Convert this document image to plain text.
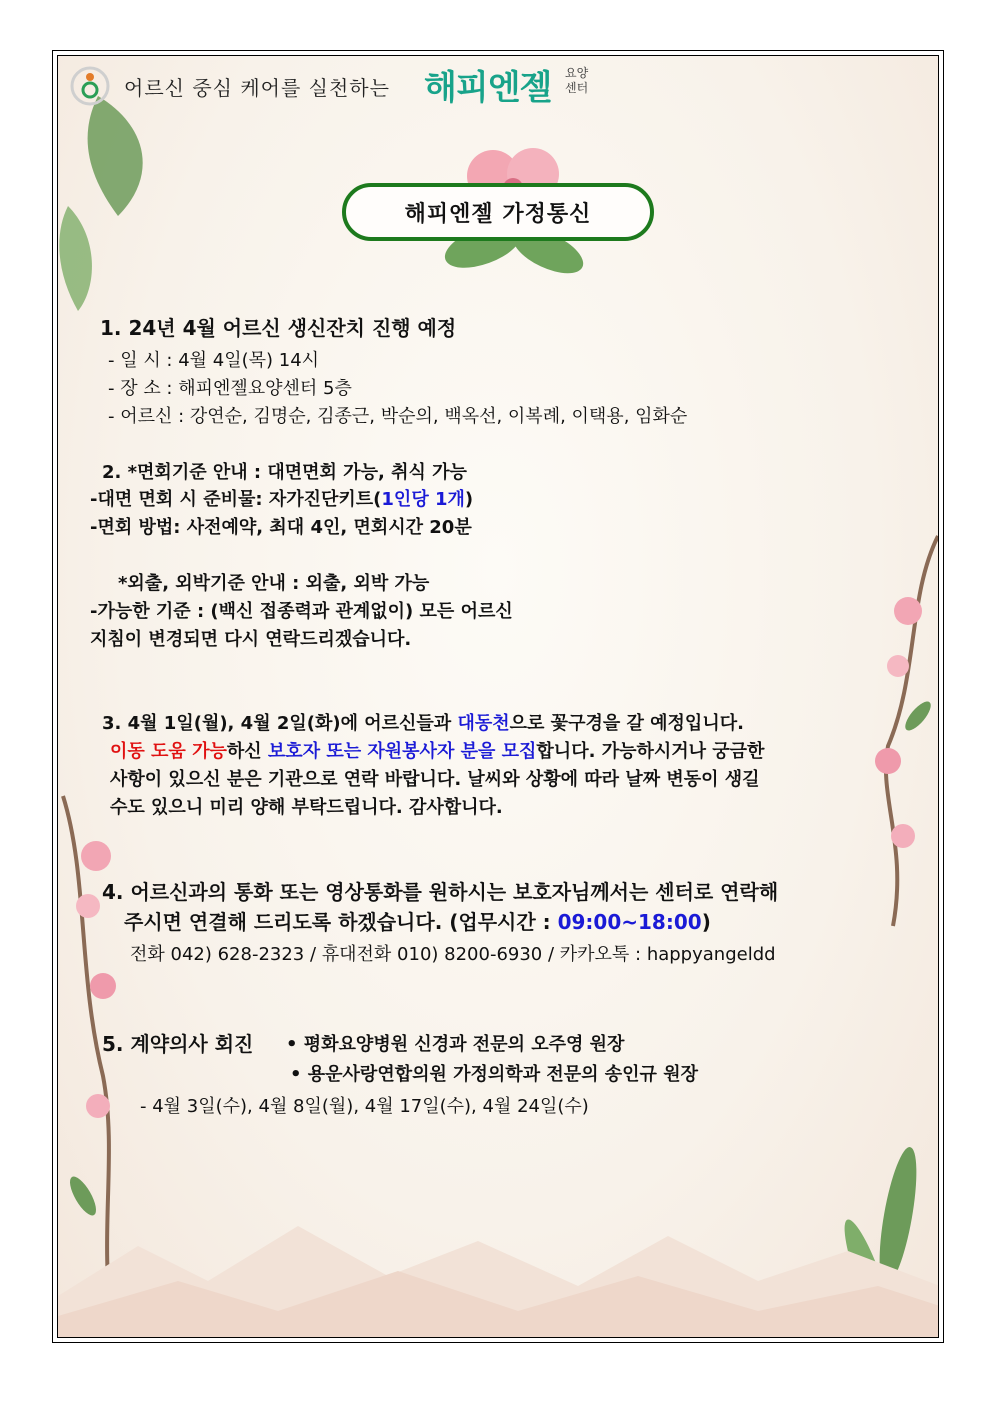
어르신 중심 케어를 실천하는 해피엔젤 요양 센터
해피엔젤 가정통신
1. 24년 4월 어르신 생신잔치 진행 예정
- 일 시 : 4월 4일(목) 14시
- 장 소 : 해피엔젤요양센터 5층
- 어르신 : 강연순, 김명순, 김종근, 박순의, 백옥선, 이복례, 이택용, 임화순
2. *면회기준 안내 : 대면면회 가능, 취식 가능
-대면 면회 시 준비물: 자가진단키트(1인당 1개)
-면회 방법: 사전예약, 최대 4인, 면회시간 20분
*외출, 외박기준 안내 : 외출, 외박 가능
-가능한 기준 : (백신 접종력과 관계없이) 모든 어르신
지침이 변경되면 다시 연락드리겠습니다.
3. 4월 1일(월), 4월 2일(화)에 어르신들과 대동천으로 꽃구경을 갈 예정입니다.
이동 도움 가능하신 보호자 또는 자원봉사자 분을 모집합니다. 가능하시거나 궁금한
사항이 있으신 분은 기관으로 연락 바랍니다. 날씨와 상황에 따라 날짜 변동이 생길
수도 있으니 미리 양해 부탁드립니다. 감사합니다.
4. 어르신과의 통화 또는 영상통화를 원하시는 보호자님께서는 센터로 연락해
주시면 연결해 드리도록 하겠습니다. (업무시간 : 09:00~18:00)
전화 042) 628-2323 / 휴대전화 010) 8200-6930 / 카카오톡 : happyangeldd
5. 계약의사 회진 • 평화요양병원 신경과 전문의 오주영 원장
• 용운사랑연합의원 가정의학과 전문의 송인규 원장
- 4월 3일(수), 4월 8일(월), 4월 17일(수), 4월 24일(수)
